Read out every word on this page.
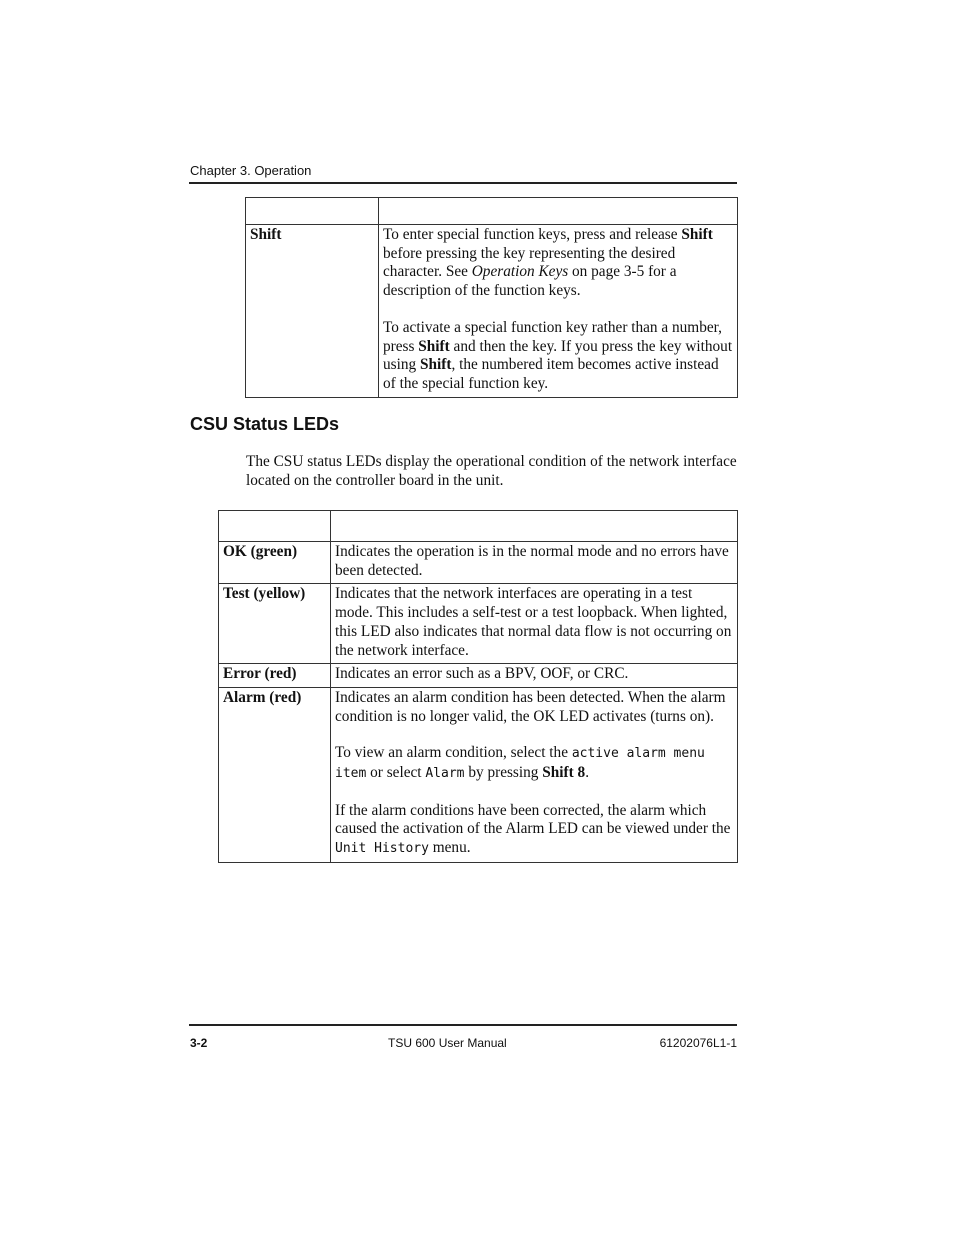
Chapter 3. Operation

Shift	To enter special function keys, press and release Shift before pressing the key representing the desired character. See Operation Keys on page 3-5 for a description of the function keys.
To activate a special function key rather than a number, press Shift and then the key. If you press the key without using Shift, the numbered item becomes active instead of the special function key.
CSU Status LEDs
The CSU status LEDs display the operational condition of the network interface located on the controller board in the unit.

OK (green)	Indicates the operation is in the normal mode and no errors have been detected.
Test (yellow)	Indicates that the network interfaces are operating in a test mode. This includes a self-test or a test loopback. When lighted, this LED also indicates that normal data flow is not occurring on the network interface.
Error (red)	Indicates an error such as a BPV, OOF, or CRC.
Alarm (red)	Indicates an alarm condition has been detected. When the alarm condition is no longer valid, the OK LED activates (turns on).
To view an alarm condition, select the active alarm menu item or select Alarm by pressing Shift 8.
If the alarm conditions have been corrected, the alarm which caused the activation of the Alarm LED can be viewed under the Unit History menu.
3-2	TSU 600 User Manual	61202076L1-1
